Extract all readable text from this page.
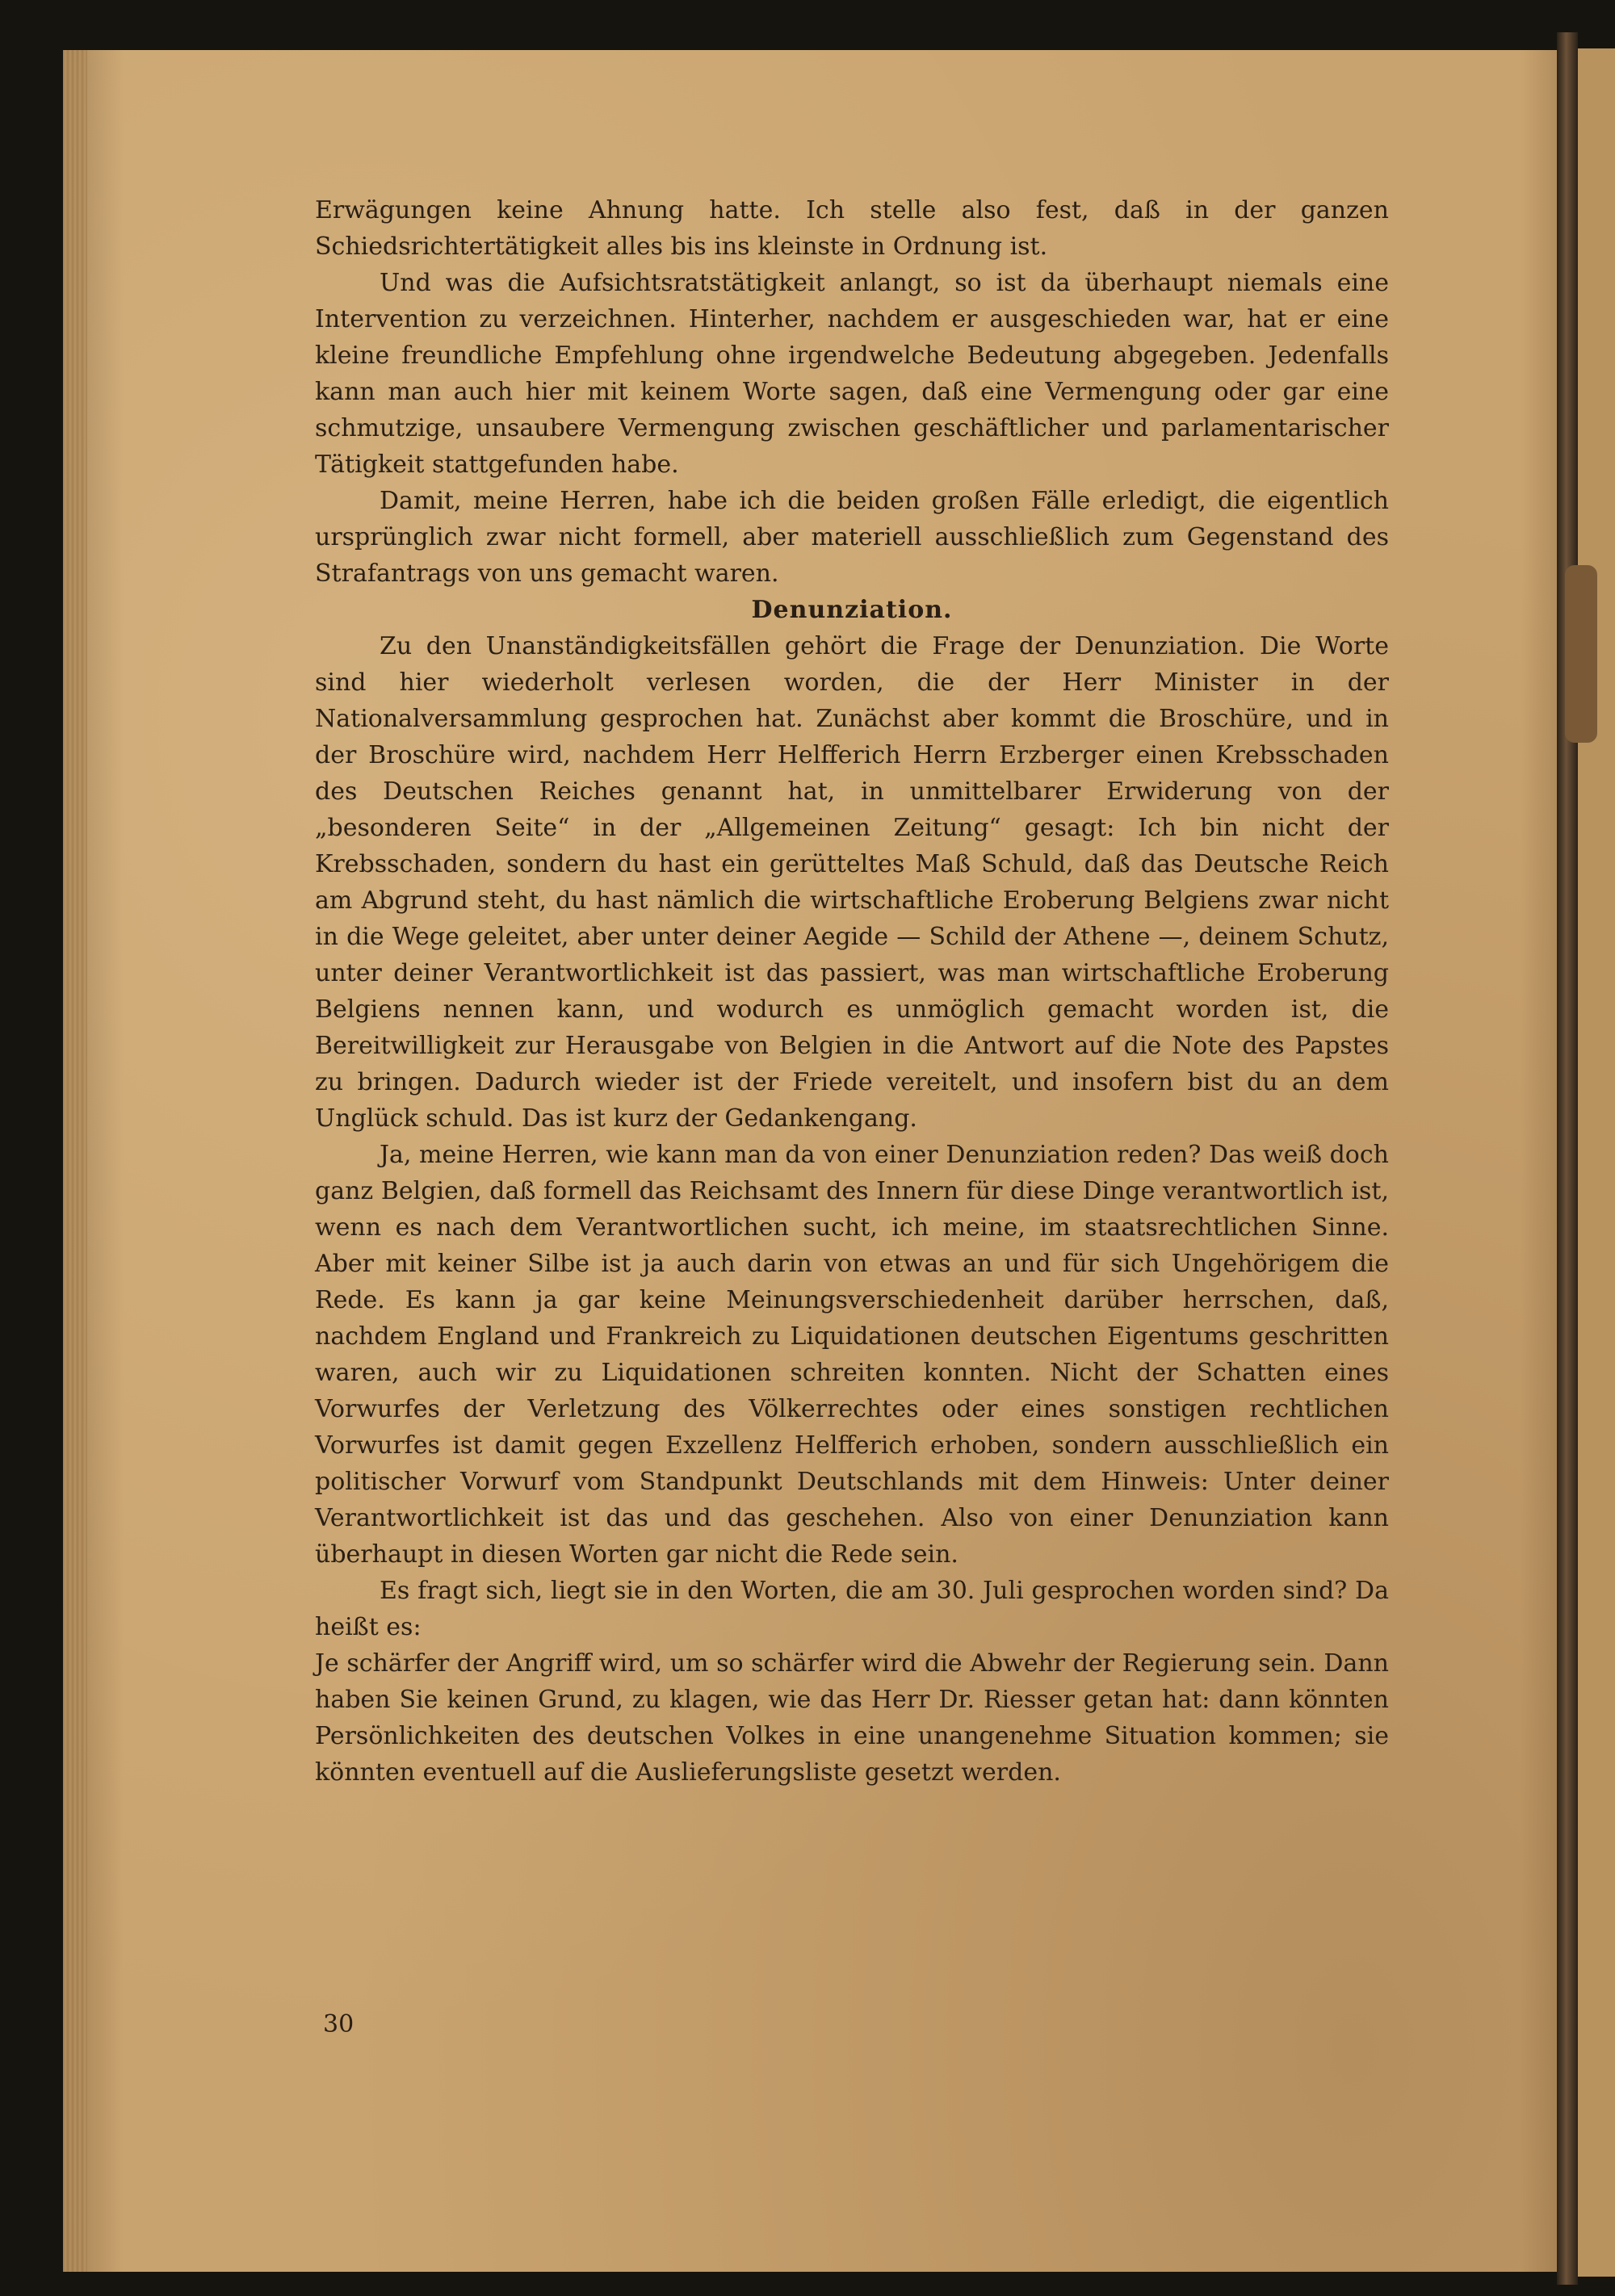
Erwägungen keine Ahnung hatte. Ich stelle also fest, daß in der ganzen Schiedsrichtertätigkeit alles bis ins kleinste in Ordnung ist.

Und was die Aufsichtsratstätigkeit anlangt, so ist da überhaupt niemals eine Intervention zu verzeichnen. Hinterher, nachdem er ausgeschieden war, hat er eine kleine freundliche Empfehlung ohne irgendwelche Bedeutung abgegeben. Jedenfalls kann man auch hier mit keinem Worte sagen, daß eine Vermengung oder gar eine schmutzige, unsaubere Vermengung zwischen geschäftlicher und parlamentarischer Tätigkeit stattgefunden habe.

Damit, meine Herren, habe ich die beiden großen Fälle erledigt, die eigentlich ursprünglich zwar nicht formell, aber materiell ausschließlich zum Gegenstand des Strafantrags von uns gemacht waren.

Denunziation.

Zu den Unanständigkeitsfällen gehört die Frage der Denunziation. Die Worte sind hier wiederholt verlesen worden, die der Herr Minister in der Nationalversammlung gesprochen hat. Zunächst aber kommt die Broschüre, und in der Broschüre wird, nachdem Herr Helfferich Herrn Erzberger einen Krebsschaden des Deutschen Reiches genannt hat, in unmittelbarer Erwiderung von der „besonderen Seite“ in der „Allgemeinen Zeitung“ gesagt: Ich bin nicht der Krebsschaden, sondern du hast ein gerütteltes Maß Schuld, daß das Deutsche Reich am Abgrund steht, du hast nämlich die wirtschaftliche Eroberung Belgiens zwar nicht in die Wege geleitet, aber unter deiner Aegide — Schild der Athene —, deinem Schutz, unter deiner Verantwortlichkeit ist das passiert, was man wirtschaftliche Eroberung Belgiens nennen kann, und wodurch es unmöglich gemacht worden ist, die Bereitwilligkeit zur Herausgabe von Belgien in die Antwort auf die Note des Papstes zu bringen. Dadurch wieder ist der Friede vereitelt, und insofern bist du an dem Unglück schuld. Das ist kurz der Gedankengang.

Ja, meine Herren, wie kann man da von einer Denunziation reden? Das weiß doch ganz Belgien, daß formell das Reichsamt des Innern für diese Dinge verantwortlich ist, wenn es nach dem Verantwortlichen sucht, ich meine, im staatsrechtlichen Sinne. Aber mit keiner Silbe ist ja auch darin von etwas an und für sich Ungehörigem die Rede. Es kann ja gar keine Meinungsverschiedenheit darüber herrschen, daß, nachdem England und Frankreich zu Liquidationen deutschen Eigentums geschritten waren, auch wir zu Liquidationen schreiten konnten. Nicht der Schatten eines Vorwurfes der Verletzung des Völkerrechtes oder eines sonstigen rechtlichen Vorwurfes ist damit gegen Exzellenz Helfferich erhoben, sondern ausschließlich ein politischer Vorwurf vom Standpunkt Deutschlands mit dem Hinweis: Unter deiner Verantwortlichkeit ist das und das geschehen. Also von einer Denunziation kann überhaupt in diesen Worten gar nicht die Rede sein.

Es fragt sich, liegt sie in den Worten, die am 30. Juli gesprochen worden sind? Da heißt es:

Je schärfer der Angriff wird, um so schärfer wird die Abwehr der Regierung sein. Dann haben Sie keinen Grund, zu klagen, wie das Herr Dr. Riesser getan hat: dann könnten Persönlichkeiten des deutschen Volkes in eine unangenehme Situation kommen; sie könnten eventuell auf die Auslieferungsliste gesetzt werden.

30
